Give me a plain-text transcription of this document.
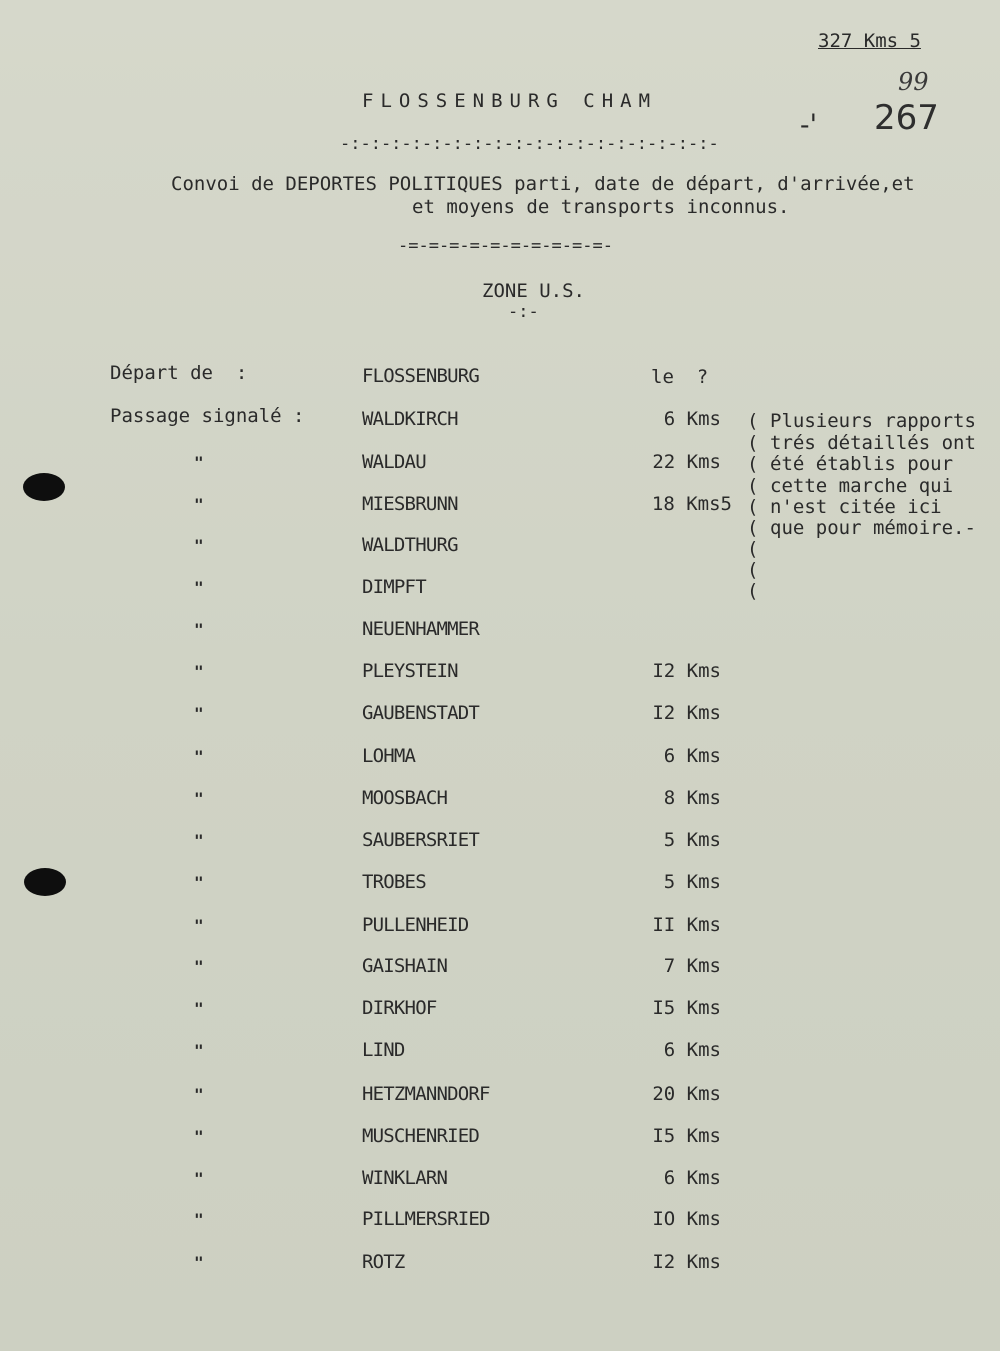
327 Kms 5
99
-' 267
FLOSSENBURG CHAM
-:-:-:-:-:-:-:-:-:-:-:-:-:-:-:-:-:-:-
Convoi de DEPORTES POLITIQUES parti, date de départ, d'arrivée,et
et moyens de transports inconnus.
-=-=-=-=-=-=-=-=-=-=-
ZONE U.S.
-:-
Départ de  :	FLOSSENBURG	le  ?
Passage signalé :	WALDKIRCH	6 Kms
"	WALDAU	22 Kms
"	MIESBRUNN	18 Kms5
"	WALDTHURG
"	DIMPFT
"	NEUENHAMMER
"	PLEYSTEIN	I2 Kms
"	GAUBENSTADT	I2 Kms
"	LOHMA	6 Kms
"	MOOSBACH	8 Kms
"	SAUBERSRIET	5 Kms
"	TROBES	5 Kms
"	PULLENHEID	II Kms
"	GAISHAIN	7 Kms
"	DIRKHOF	I5 Kms
"	LIND	6 Kms
"	HETZMANNDORF	20 Kms
"	MUSCHENRIED	I5 Kms
"	WINKLARN	6 Kms
"	PILLMERSRIED	IO Kms
"	ROTZ	I2 Kms
(
(
(
(
(
(
(
(
(
Plusieurs rapports
trés détaillés ont
été établis pour
cette marche qui
n'est citée ici
que pour mémoire.-
